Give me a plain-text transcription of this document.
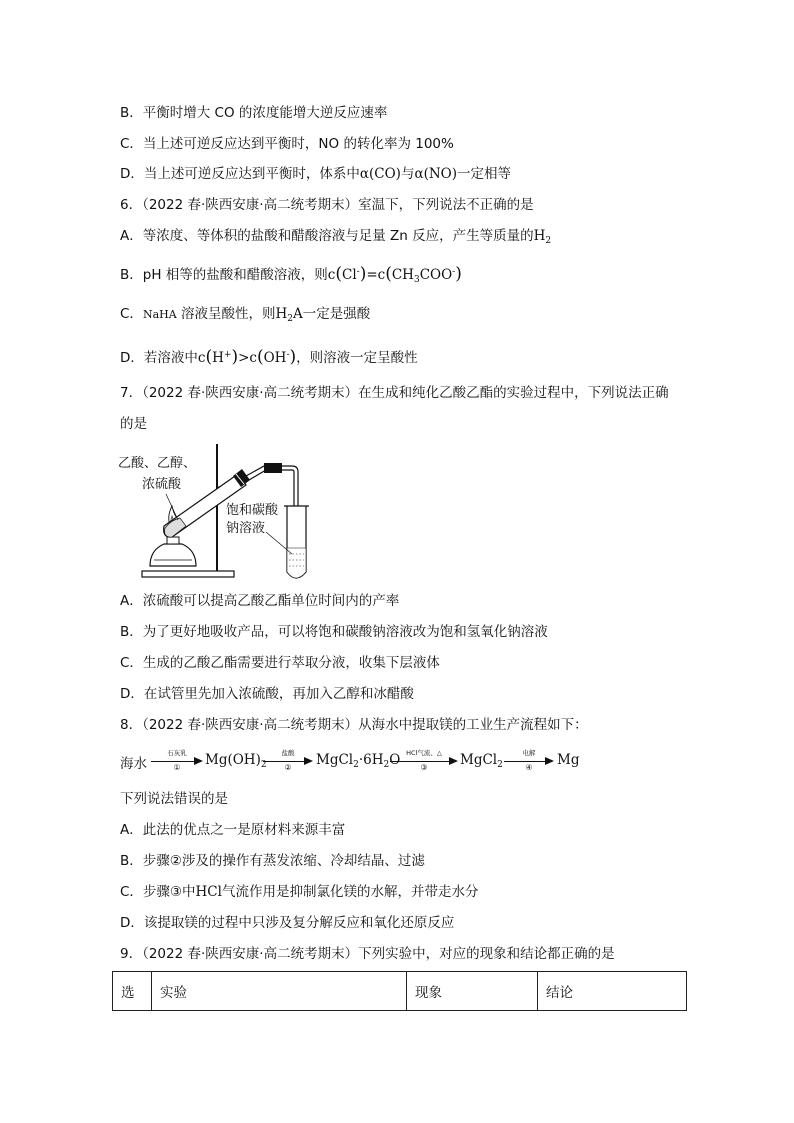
B．平衡时增大 CO 的浓度能增大逆反应速率
C．当上述可逆反应达到平衡时，NO 的转化率为 100%
D．当上述可逆反应达到平衡时，体系中α(CO)与α(NO)一定相等
6．（2022 春·陕西安康·高二统考期末）室温下，下列说法不正确的是
A．等浓度、等体积的盐酸和醋酸溶液与足量 Zn 反应，产生等质量的$H_2$
B．pH 相等的盐酸和醋酸溶液，则$c(Cl^-)=c(CH_3COO^-)$
C．NaHA 溶液呈酸性，则$H_2A$一定是强酸
D．若溶液中c(H+)>c(OH-)，则溶液一定呈酸性
7．（2022 春·陕西安康·高二统考期末）在生成和纯化乙酸乙酯的实验过程中，下列说法正确
的是
乙酸、乙醇、
浓硫酸
饱和碳酸
钠溶液
A．浓硫酸可以提高乙酸乙酯单位时间内的产率
B．为了更好地吸收产品，可以将饱和碳酸钠溶液改为饱和氢氧化钠溶液
C．生成的乙酸乙酯需要进行萃取分液，收集下层液体
D．在试管里先加入浓硫酸，再加入乙醇和冰醋酸
8．（2022 春·陕西安康·高二统考期末）从海水中提取镁的工业生产流程如下：
海水
石灰乳
①	$Mg(OH)_2$
盐酸
②	$MgCl_2\cdot 6H_2O$ HCl气流、△
③	MgCl$_2$
电解
④	Mg
下列说法错误的是
A．此法的优点之一是原材料来源丰富
B．步骤②涉及的操作有蒸发浓缩、冷却结晶、过滤
C．步骤③中HCl气流作用是抑制氯化镁的水解，并带走水分
D．该提取镁的过程中只涉及复分解反应和氧化还原反应
9．（2022 春·陕西安康·高二统考期末）下列实验中，对应的现象和结论都正确的是
选	实验	现象	结论
